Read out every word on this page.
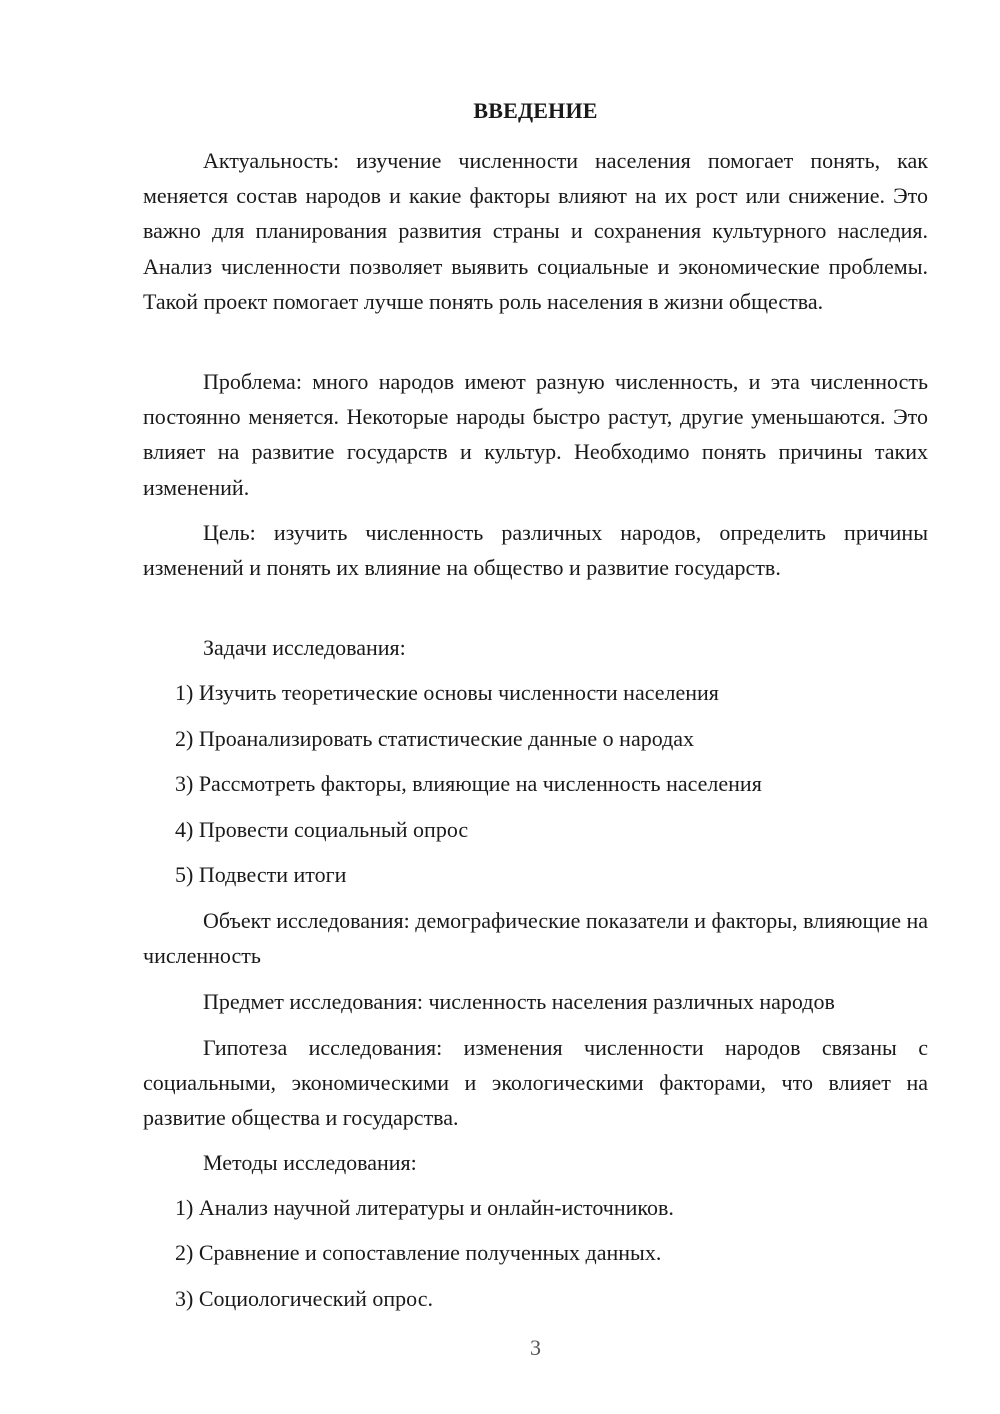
ВВЕДЕНИЕ

Актуальность: изучение численности населения помогает понять, как меняется состав народов и какие факторы влияют на их рост или снижение. Это важно для планирования развития страны и сохранения культурного наследия. Анализ численности позволяет выявить социальные и экономические проблемы. Такой проект помогает лучше понять роль населения в жизни общества.

Проблема: много народов имеют разную численность, и эта численность постоянно меняется. Некоторые народы быстро растут, другие уменьшаются. Это влияет на развитие государств и культур. Необходимо понять причины таких изменений.

Цель: изучить численность различных народов, определить причины изменений и понять их влияние на общество и развитие государств.

Задачи исследования:
1) Изучить теоретические основы численности населения
2) Проанализировать статистические данные о народах
3) Рассмотреть факторы, влияющие на численность населения
4) Провести социальный опрос
5) Подвести итоги

Объект исследования: демографические показатели и факторы, влияющие на численность

Предмет исследования: численность населения различных народов

Гипотеза исследования: изменения численности народов связаны с социальными, экономическими и экологическими факторами, что влияет на развитие общества и государства.

Методы исследования:
1) Анализ научной литературы и онлайн-источников.
2) Сравнение и сопоставление полученных данных.
3) Социологический опрос.
3
